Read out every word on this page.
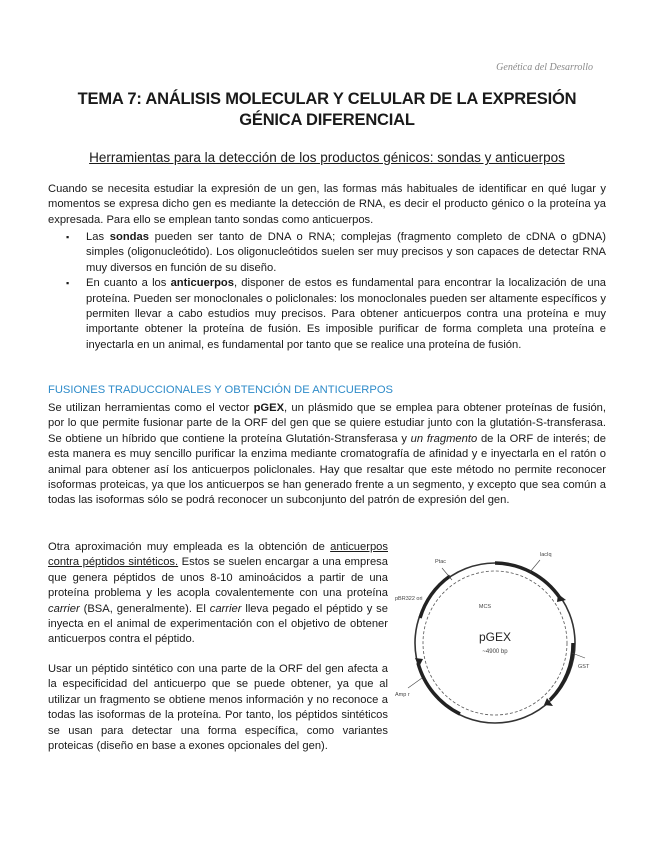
Genética del Desarrollo
TEMA 7: ANÁLISIS MOLECULAR Y CELULAR DE LA EXPRESIÓN GÉNICA DIFERENCIAL
Herramientas para la detección de los productos génicos: sondas y anticuerpos

Cuando se necesita estudiar la expresión de un gen, las formas más habituales de identificar en qué lugar y momentos se expresa dicho gen es mediante la detección de RNA, es decir el producto génico o la proteína ya expresada. Para ello se emplean tanto sondas como anticuerpos.

▪ Las sondas pueden ser tanto de DNA o RNA; complejas (fragmento completo de cDNA o gDNA) simples (oligonucleótido). Los oligonucleótidos suelen ser muy precisos y son capaces de detectar RNA muy diversos en función de su diseño.
▪ En cuanto a los anticuerpos, disponer de estos es fundamental para encontrar la localización de una proteína. Pueden ser monoclonales o policlonales: los monoclonales pueden ser altamente específicos y permiten llevar a cabo estudios muy precisos. Para obtener anticuerpos contra una proteína e muy importante obtener la proteína de fusión. Es imposible purificar de forma completa una proteína e inyectarla en un animal, es fundamental por tanto que se realice una proteína de fusión.
FUSIONES TRADUCCIONALES Y OBTENCIÓN DE ANTICUERPOS

Se utilizan herramientas como el vector pGEX, un plásmido que se emplea para obtener proteínas de fusión, por lo que permite fusionar parte de la ORF del gen que se quiere estudiar junto con la glutatión-S-transferasa. Se obtiene un híbrido que contiene la proteína Glutatión-Stransferasa y un fragmento de la ORF de interés; de esta manera es muy sencillo purificar la enzima mediante cromatografía de afinidad y e inyectarla en el ratón o animal para obtener así los anticuerpos policlonales. Hay que resaltar que este método no permite reconocer isoformas proteicas, ya que los anticuerpos se han generado frente a un segmento, y excepto que sea común a todas las isoformas sólo se podrá reconocer un subconjunto del patrón de expresión del gen.

Otra aproximación muy empleada es la obtención de anticuerpos contra péptidos sintéticos. Estos se suelen encargar a una empresa que genera péptidos de unos 8-10 aminoácidos a partir de una proteína problema y les acopla covalentemente con una proteína carrier (BSA, generalmente). El carrier lleva pegado el péptido y se inyecta en el animal de experimentación con el objetivo de obtener anticuerpos contra el péptido.

Usar un péptido sintético con una parte de la ORF del gen afecta a la especificidad del anticuerpo que se puede obtener, ya que al utilizar un fragmento se obtiene menos información y no reconoce a todas las isoformas de la proteína. Por tanto, los péptidos sintéticos se usan para detectar una forma específica, como variantes proteicas (diseño en base a exones opcionales del gen).

pGEX
~4900 bp
MCS
lacIq
Ptac
GST
Amp r
pBR322 ori
